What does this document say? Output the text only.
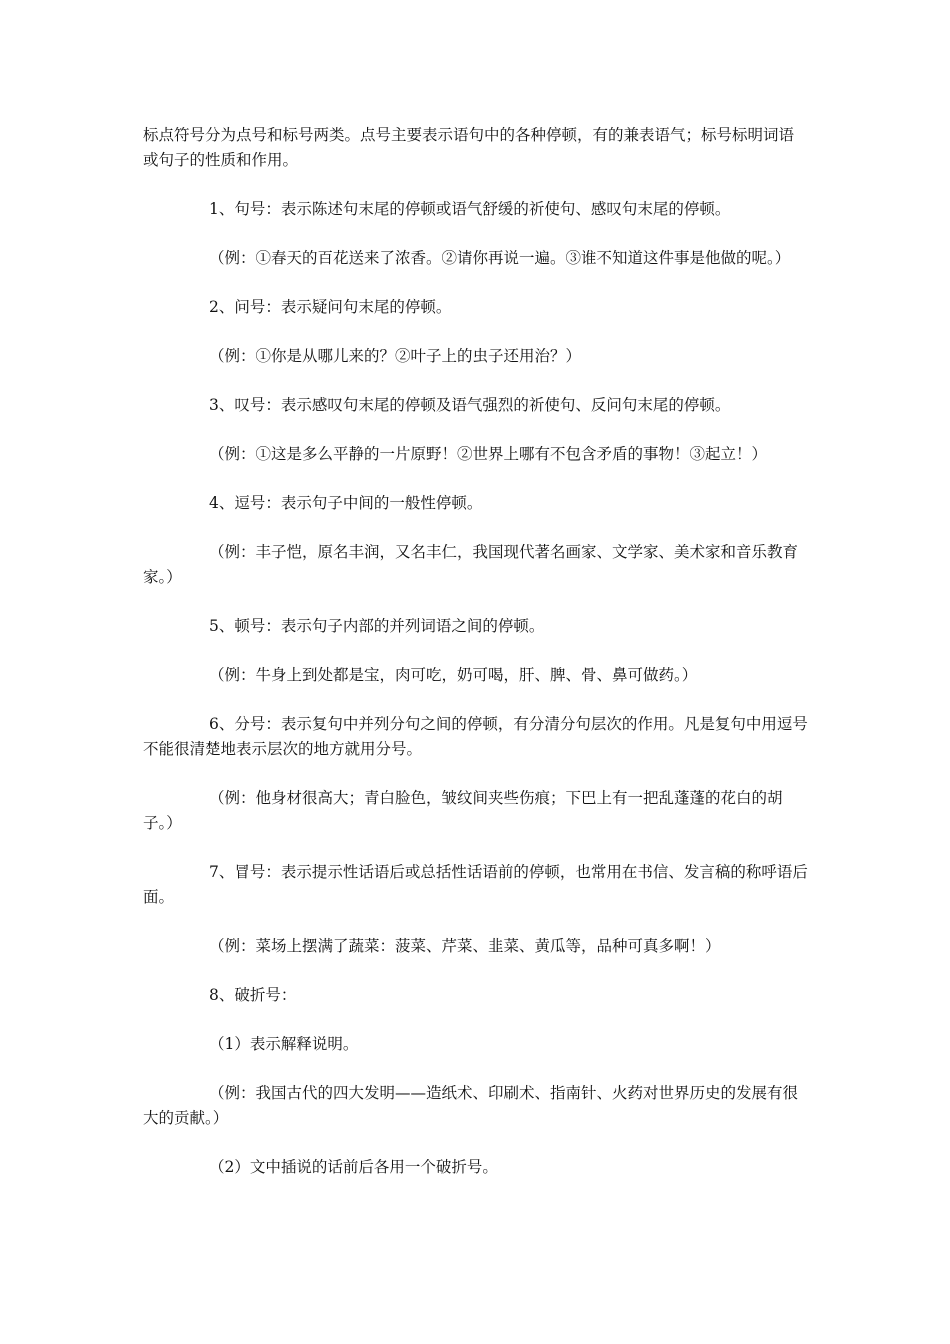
标点符号分为点号和标号两类。点号主要表示语句中的各种停顿，有的兼表语气；标号标明词语或句子的性质和作用。

1、句号：表示陈述句末尾的停顿或语气舒缓的祈使句、感叹句末尾的停顿。

（例：①春天的百花送来了浓香。②请你再说一遍。③谁不知道这件事是他做的呢。）

2、问号：表示疑问句末尾的停顿。

（例：①你是从哪儿来的？②叶子上的虫子还用治？）

3、叹号：表示感叹句末尾的停顿及语气强烈的祈使句、反问句末尾的停顿。

（例：①这是多么平静的一片原野！②世界上哪有不包含矛盾的事物！③起立！）

4、逗号：表示句子中间的一般性停顿。

（例：丰子恺，原名丰润，又名丰仁，我国现代著名画家、文学家、美术家和音乐教育家。）

5、顿号：表示句子内部的并列词语之间的停顿。

（例：牛身上到处都是宝，肉可吃，奶可喝，肝、脾、骨、鼻可做药。）

6、分号：表示复句中并列分句之间的停顿，有分清分句层次的作用。凡是复句中用逗号不能很清楚地表示层次的地方就用分号。

（例：他身材很高大；青白脸色，皱纹间夹些伤痕；下巴上有一把乱蓬蓬的花白的胡子。）

7、冒号：表示提示性话语后或总括性话语前的停顿，也常用在书信、发言稿的称呼语后面。

（例：菜场上摆满了蔬菜：菠菜、芹菜、韭菜、黄瓜等，品种可真多啊！）

8、破折号：

（1）表示解释说明。

（例：我国古代的四大发明——造纸术、印刷术、指南针、火药对世界历史的发展有很大的贡献。）

（2）文中插说的话前后各用一个破折号。
